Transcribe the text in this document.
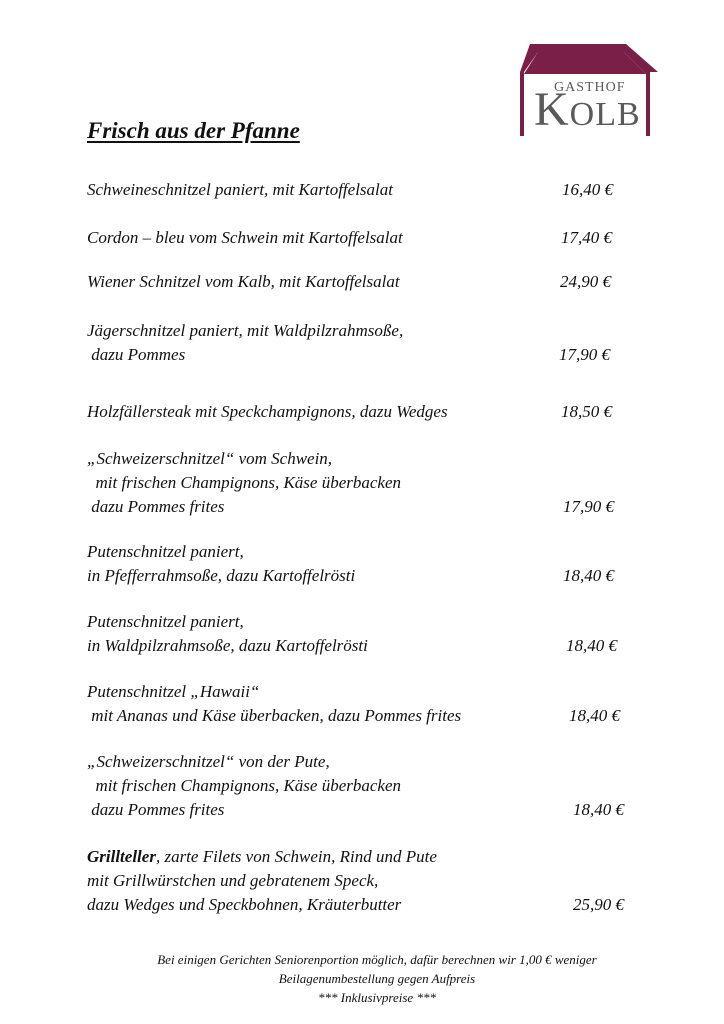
GASTHOF
KOLB
Frisch aus der Pfanne
Schweineschnitzel paniert, mit Kartoffelsalat	16,40 €
Cordon – bleu vom Schwein mit Kartoffelsalat	17,40 €
Wiener Schnitzel vom Kalb, mit Kartoffelsalat	24,90 €
Jägerschnitzel paniert, mit Waldpilzrahmsoße,
dazu Pommes	17,90 €
Holzfällersteak mit Speckchampignons, dazu Wedges	18,50 €
„Schweizerschnitzel“ vom Schwein,
mit frischen Champignons, Käse überbacken
dazu Pommes frites	17,90 €
Putenschnitzel paniert,
in Pfefferrahmsoße, dazu Kartoffelrösti	18,40 €
Putenschnitzel paniert,
in Waldpilzrahmsoße, dazu Kartoffelrösti	18,40 €
Putenschnitzel „Hawaii“
mit Ananas und Käse überbacken, dazu Pommes frites	18,40 €
„Schweizerschnitzel“ von der Pute,
mit frischen Champignons, Käse überbacken
dazu Pommes frites	18,40 €
Grillteller, zarte Filets von Schwein, Rind und Pute
mit Grillwürstchen und gebratenem Speck,
dazu Wedges und Speckbohnen, Kräuterbutter	25,90 €
Bei einigen Gerichten Seniorenportion möglich, dafür berechnen wir 1,00 € weniger
Beilagenumbestellung gegen Aufpreis
*** Inklusivpreise ***
